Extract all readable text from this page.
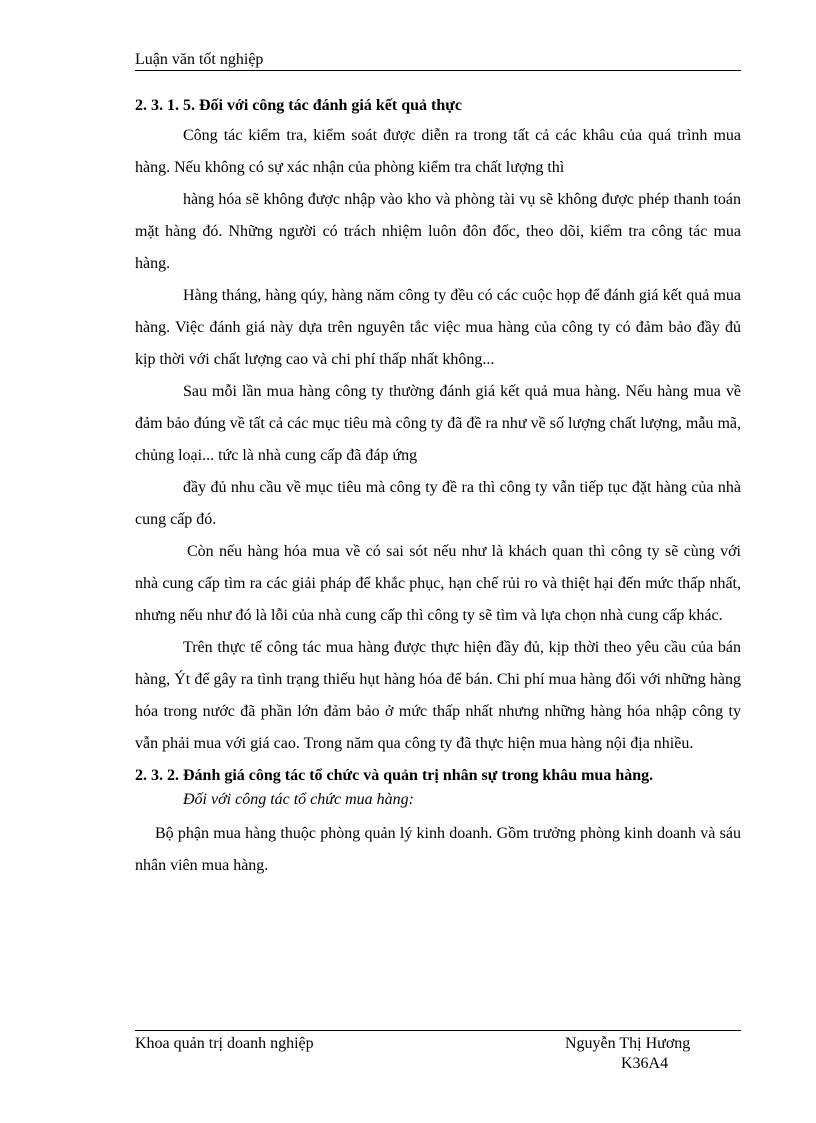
Luận văn tốt nghiệp

2. 3. 1. 5. Đối với công tác đánh giá kết quả thực

Công tác kiểm tra, kiểm soát được diễn ra trong tất cả các khâu của quá trình mua hàng. Nếu không có sự xác nhận của phòng kiểm tra chất lượng thì

hàng hóa sẽ không được nhập vào kho và phòng tài vụ sẽ không được phép thanh toán mặt hàng đó. Những người có trách nhiệm luôn đôn đốc, theo dõi, kiểm tra công tác mua hàng.

Hàng tháng, hàng qúy, hàng năm công ty đều có các cuộc họp để đánh giá kết quả mua hàng. Việc đánh giá này dựa trên nguyên tắc việc mua hàng của công ty có đảm bảo đầy đủ kịp thời với chất lượng cao và chi phí thấp nhất không...

Sau mỗi lần mua hàng công ty thường đánh giá kết quả mua hàng. Nếu hàng mua về đảm bảo đúng về tất cả các mục tiêu mà công ty đã đề ra như về số lượng chất lượng, mẫu mã, chủng loại... tức là nhà cung cấp đã đáp ứng

đầy đủ nhu cầu về mục tiêu mà công ty đề ra thì công ty vẫn tiếp tục đặt hàng của nhà cung cấp đó.

Còn nếu hàng hóa mua về có sai sót nếu như là khách quan thì công ty sẽ cùng với nhà cung cấp tìm ra các giải pháp để khắc phục, hạn chế rủi ro và thiệt hại đến mức thấp nhất, nhưng nếu như đó là lỗi của nhà cung cấp thì công ty sẽ tìm và lựa chọn nhà cung cấp khác.

Trên thực tế công tác mua hàng được thực hiện đầy đủ, kịp thời theo yêu cầu của bán hàng, Ýt để gây ra tình trạng thiếu hụt hàng hóa để bán. Chi phí mua hàng đối với những hàng hóa trong nước đã phần lớn đảm bảo ở mức thấp nhất nhưng những hàng hóa nhập công ty vẫn phải mua với giá cao. Trong năm qua công ty đã thực hiện mua hàng nội địa nhiều.

2. 3. 2. Đánh giá công tác tổ chức và quản trị nhân sự trong khâu mua hàng.

Đối với công tác tổ chức mua hàng:

Bộ phận mua hàng thuộc phòng quản lý kinh doanh. Gồm trưởng phòng kinh doanh và sáu nhân viên mua hàng.

Khoa quản trị doanh nghiệp	Nguyễn Thị Hương
K36A4
